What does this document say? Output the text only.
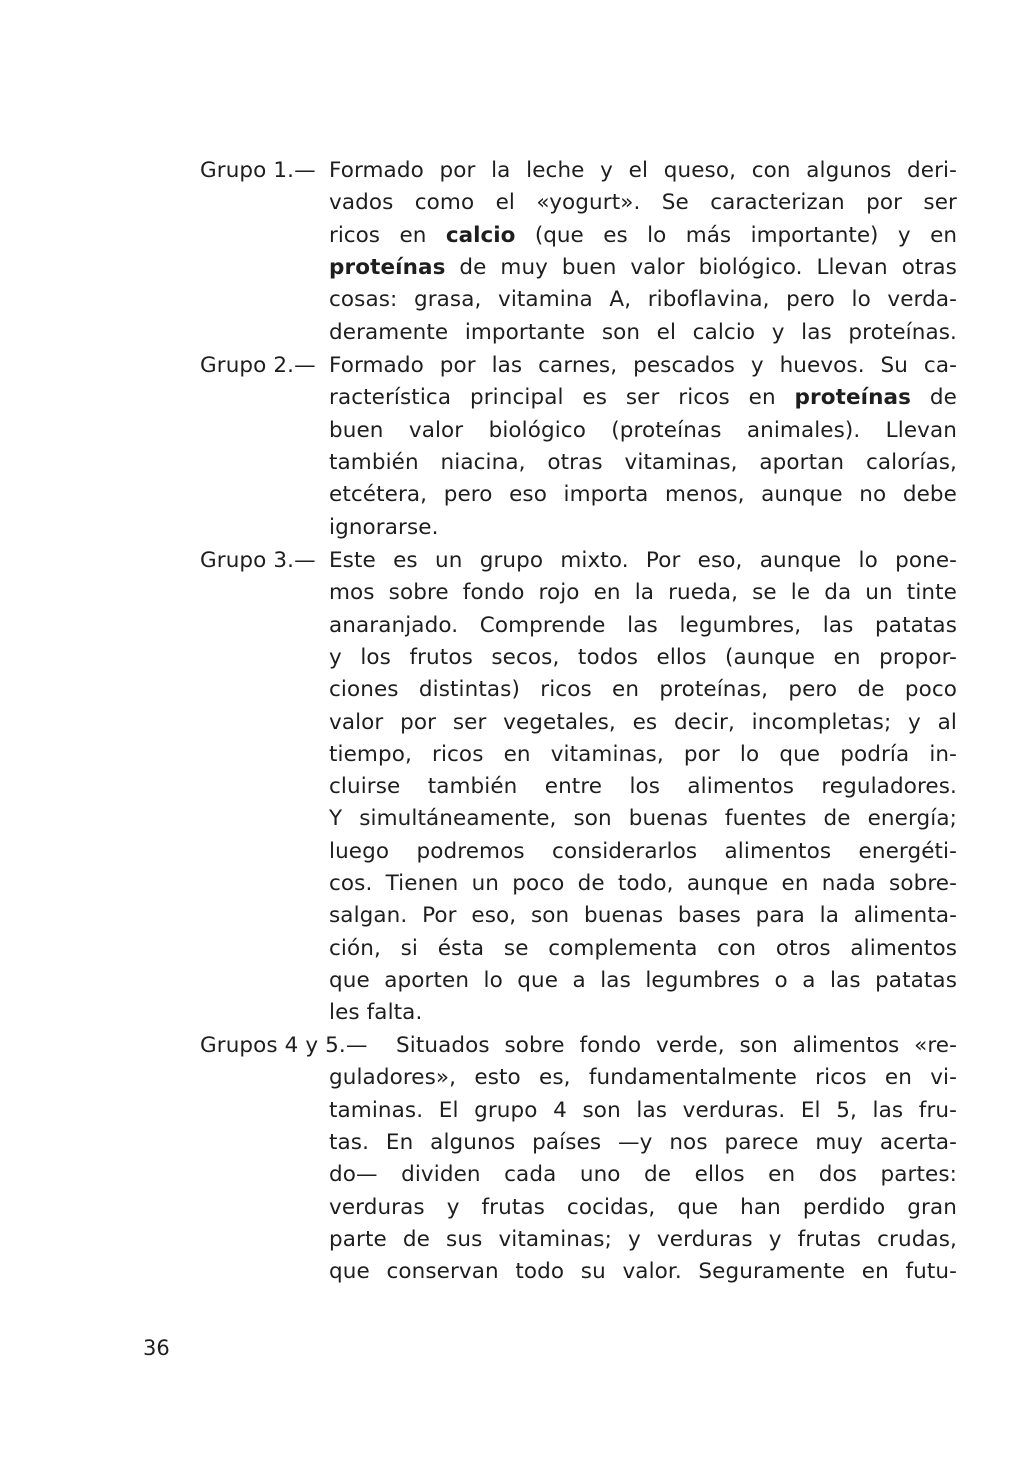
Grupo 1.— Formado por la leche y el queso, con algunos deri-
vados como el «yogurt». Se caracterizan por ser
ricos en calcio (que es lo más importante) y en
proteínas de muy buen valor biológico. Llevan otras
cosas: grasa, vitamina A, riboflavina, pero lo verda-
deramente importante son el calcio y las proteínas.
Grupo 2.— Formado por las carnes, pescados y huevos. Su ca-
racterística principal es ser ricos en proteínas de
buen valor biológico (proteínas animales). Llevan
también niacina, otras vitaminas, aportan calorías,
etcétera, pero eso importa menos, aunque no debe
ignorarse.
Grupo 3.— Este es un grupo mixto. Por eso, aunque lo pone-
mos sobre fondo rojo en la rueda, se le da un tinte
anaranjado. Comprende las legumbres, las patatas
y los frutos secos, todos ellos (aunque en propor-
ciones distintas) ricos en proteínas, pero de poco
valor por ser vegetales, es decir, incompletas; y al
tiempo, ricos en vitaminas, por lo que podría in-
cluirse también entre los alimentos reguladores.
Y simultáneamente, son buenas fuentes de energía;
luego podremos considerarlos alimentos energéti-
cos. Tienen un poco de todo, aunque en nada sobre-
salgan. Por eso, son buenas bases para la alimenta-
ción, si ésta se complementa con otros alimentos
que aporten lo que a las legumbres o a las patatas
les falta.
Grupos 4 y 5.— Situados sobre fondo verde, son alimentos «re-
guladores», esto es, fundamentalmente ricos en vi-
taminas. El grupo 4 son las verduras. El 5, las fru-
tas. En algunos países —y nos parece muy acerta-
do— dividen cada uno de ellos en dos partes:
verduras y frutas cocidas, que han perdido gran
parte de sus vitaminas; y verduras y frutas crudas,
que conservan todo su valor. Seguramente en futu-
36
